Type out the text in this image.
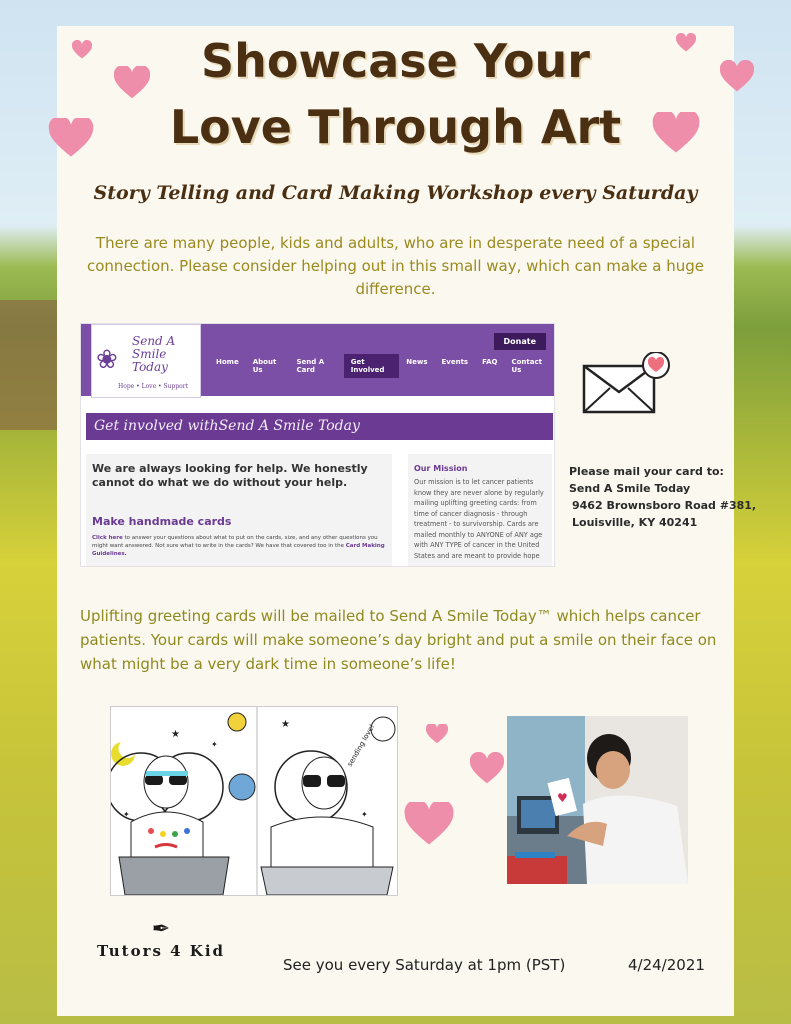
Showcase Your
Love Through Art
Story Telling and Card Making Workshop every Saturday
There are many people, kids and adults, who are in desperate need of a special connection. Please consider helping out in this small way, which can make a huge difference.
❀
Send A Smile Today
Hope • Love • Support
Donate
Home	About Us
Send A Card
Get Involved
News	Events	FAQ	Contact Us
Get involved withSend A Smile Today
We are always looking for help. We honestly cannot do what we do without your help.
Make handmade cards
Click here to answer your questions about what to put on the cards, size, and any other questions you might want answered. Not sure what to write in the cards? We have that covered too in the Card Making Guidelines.
Our Mission
Our mission is to let cancer patients know they are never alone by regularly mailing uplifting greeting cards: from time of cancer diagnosis - through treatment - to survivorship. Cards are mailed monthly to ANYONE of ANY age with ANY TYPE of cancer in the United States and are meant to provide hope
Please mail your card to:
Send A Smile Today
9462 Brownsboro Road #381,
Louisville, KY 40241
Uplifting greeting cards will be mailed to Send A Smile Today™ which helps cancer patients. Your cards will make someone’s day bright and put a smile on their face on what might be a very dark time in someone’s life!
sending love!
★
✦
★
✦
✦
♥
✒
Tutors 4 Kid
See you every Saturday at 1pm (PST)	4/24/2021
